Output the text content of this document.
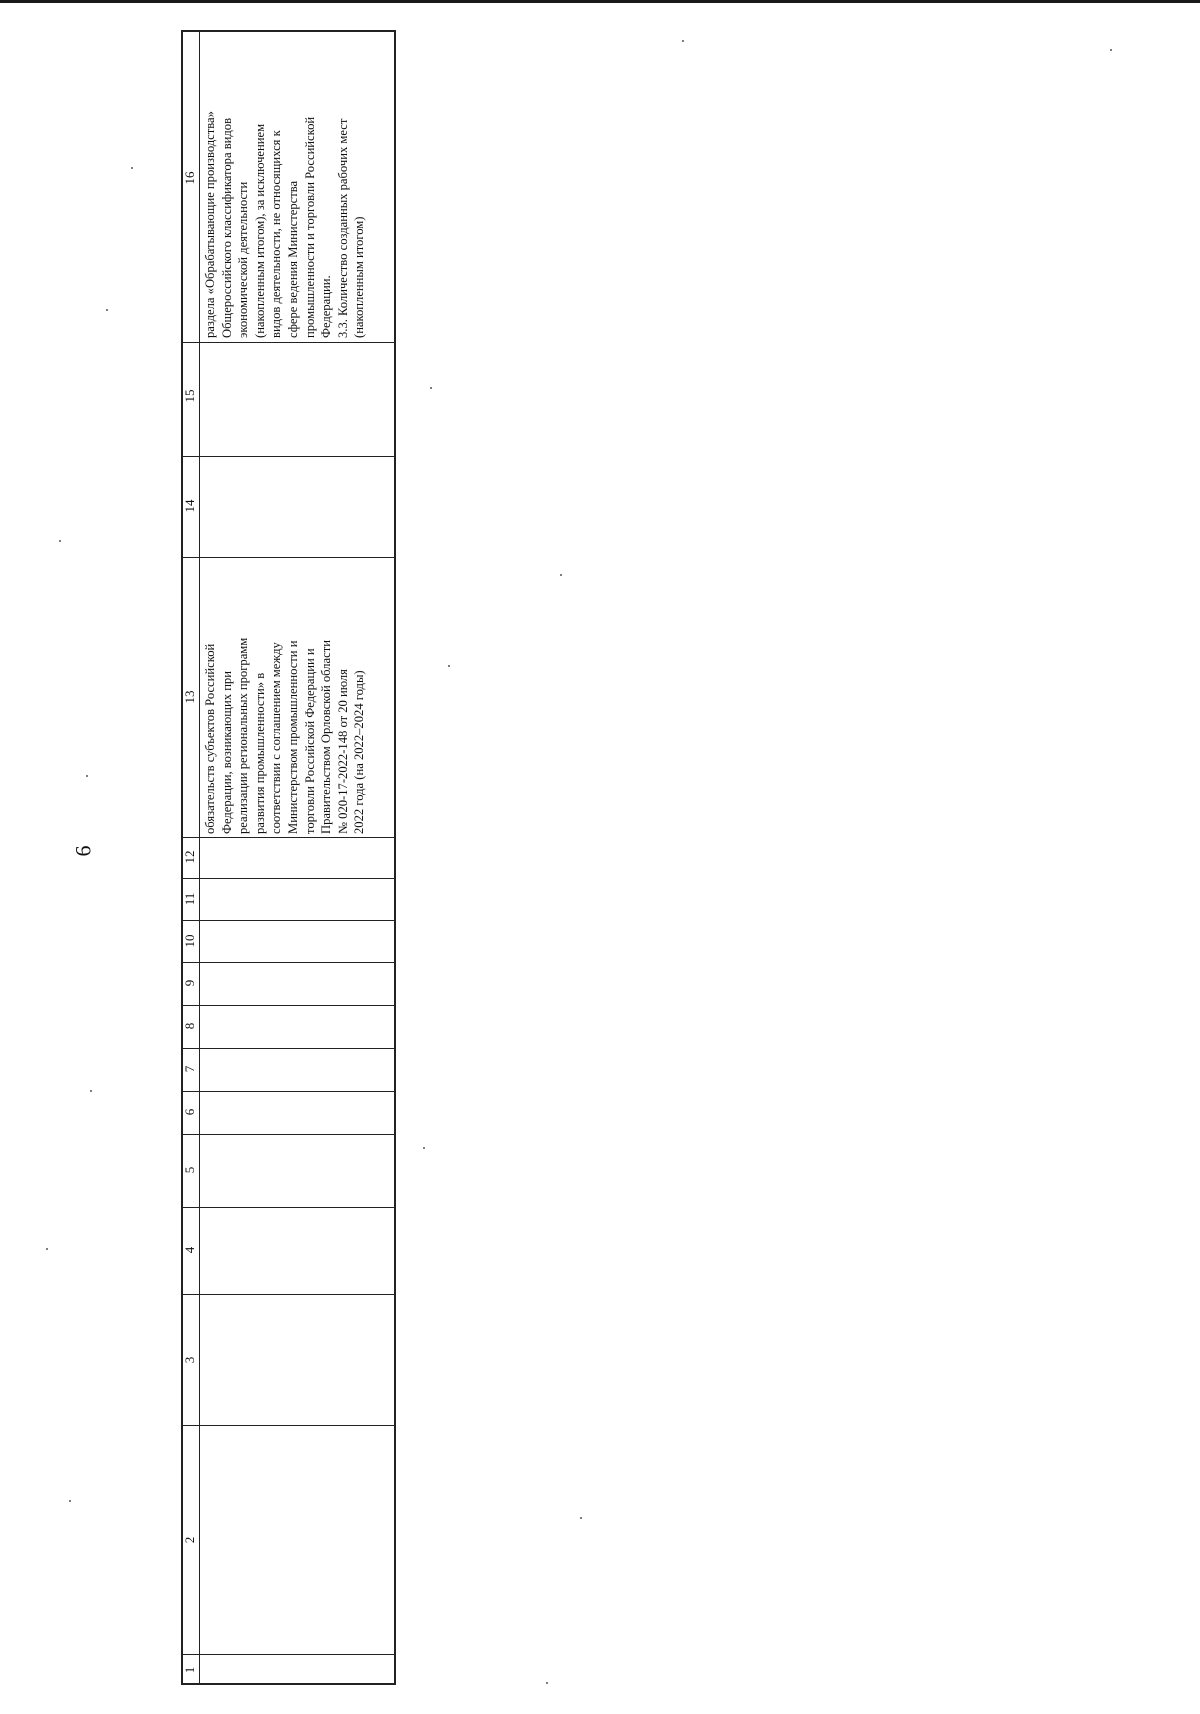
6
16
15
14
13
12
11
10
9
8
7
6
5
4
3
2
1
раздела «Обрабатывающие производства» Общероссийского классификатора видов экономической деятельности (накопленным итогом), за исключением видов деятельности, не относящихся к сфере ведения Министерства промышленности и торговли Российской Федерации. 3.3. Количество созданных рабочих мест (накопленным итогом)
обязательств субъектов Российской Федерации, возникающих при реализации региональных программ развития промышленности» в соответствии с соглашением между Министерством промышленности и торговли Российской Федерации и Правительством Орловской области № 020-17-2022-148 от 20 июля 2022 года (на 2022–2024 годы)
